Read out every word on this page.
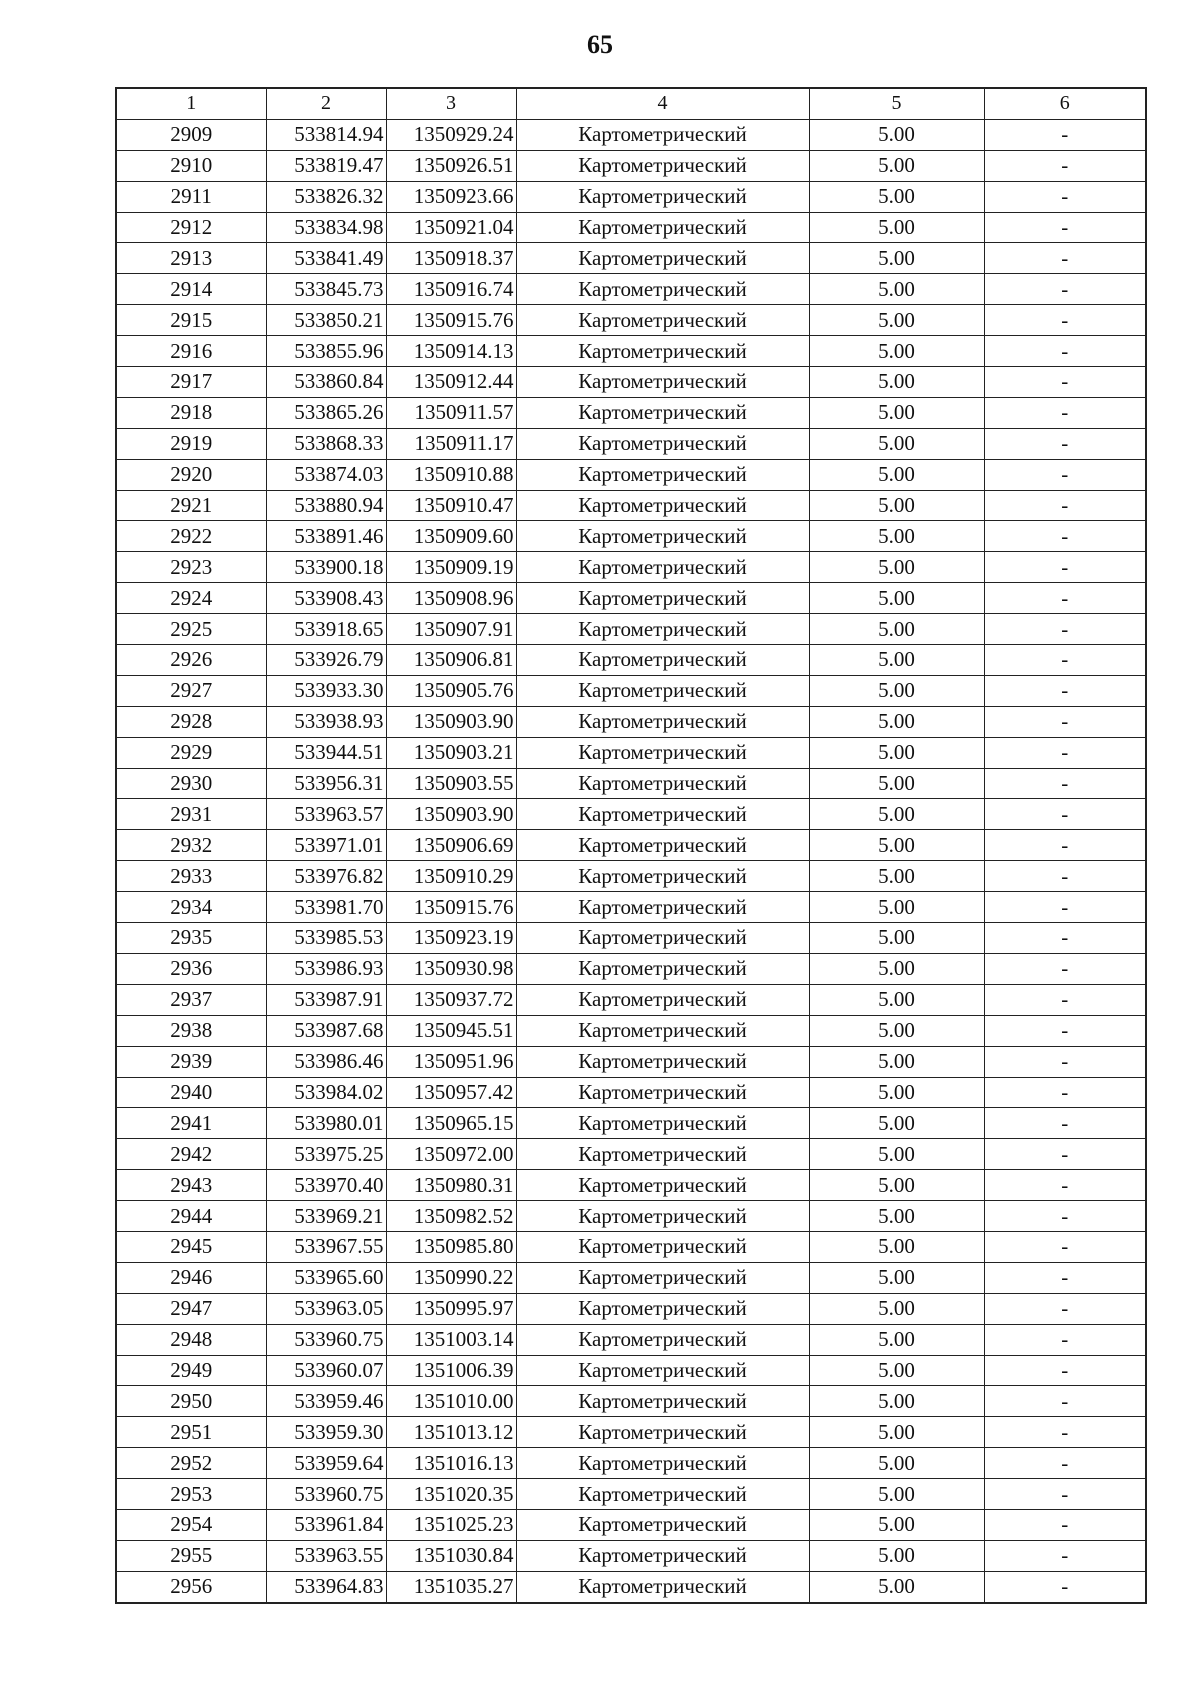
65
1	2	3	4	5	6
2909	533814.94	1350929.24	Картометрический	5.00	-
2910	533819.47	1350926.51	Картометрический	5.00	-
2911	533826.32	1350923.66	Картометрический	5.00	-
2912	533834.98	1350921.04	Картометрический	5.00	-
2913	533841.49	1350918.37	Картометрический	5.00	-
2914	533845.73	1350916.74	Картометрический	5.00	-
2915	533850.21	1350915.76	Картометрический	5.00	-
2916	533855.96	1350914.13	Картометрический	5.00	-
2917	533860.84	1350912.44	Картометрический	5.00	-
2918	533865.26	1350911.57	Картометрический	5.00	-
2919	533868.33	1350911.17	Картометрический	5.00	-
2920	533874.03	1350910.88	Картометрический	5.00	-
2921	533880.94	1350910.47	Картометрический	5.00	-
2922	533891.46	1350909.60	Картометрический	5.00	-
2923	533900.18	1350909.19	Картометрический	5.00	-
2924	533908.43	1350908.96	Картометрический	5.00	-
2925	533918.65	1350907.91	Картометрический	5.00	-
2926	533926.79	1350906.81	Картометрический	5.00	-
2927	533933.30	1350905.76	Картометрический	5.00	-
2928	533938.93	1350903.90	Картометрический	5.00	-
2929	533944.51	1350903.21	Картометрический	5.00	-
2930	533956.31	1350903.55	Картометрический	5.00	-
2931	533963.57	1350903.90	Картометрический	5.00	-
2932	533971.01	1350906.69	Картометрический	5.00	-
2933	533976.82	1350910.29	Картометрический	5.00	-
2934	533981.70	1350915.76	Картометрический	5.00	-
2935	533985.53	1350923.19	Картометрический	5.00	-
2936	533986.93	1350930.98	Картометрический	5.00	-
2937	533987.91	1350937.72	Картометрический	5.00	-
2938	533987.68	1350945.51	Картометрический	5.00	-
2939	533986.46	1350951.96	Картометрический	5.00	-
2940	533984.02	1350957.42	Картометрический	5.00	-
2941	533980.01	1350965.15	Картометрический	5.00	-
2942	533975.25	1350972.00	Картометрический	5.00	-
2943	533970.40	1350980.31	Картометрический	5.00	-
2944	533969.21	1350982.52	Картометрический	5.00	-
2945	533967.55	1350985.80	Картометрический	5.00	-
2946	533965.60	1350990.22	Картометрический	5.00	-
2947	533963.05	1350995.97	Картометрический	5.00	-
2948	533960.75	1351003.14	Картометрический	5.00	-
2949	533960.07	1351006.39	Картометрический	5.00	-
2950	533959.46	1351010.00	Картометрический	5.00	-
2951	533959.30	1351013.12	Картометрический	5.00	-
2952	533959.64	1351016.13	Картометрический	5.00	-
2953	533960.75	1351020.35	Картометрический	5.00	-
2954	533961.84	1351025.23	Картометрический	5.00	-
2955	533963.55	1351030.84	Картометрический	5.00	-
2956	533964.83	1351035.27	Картометрический	5.00	-
